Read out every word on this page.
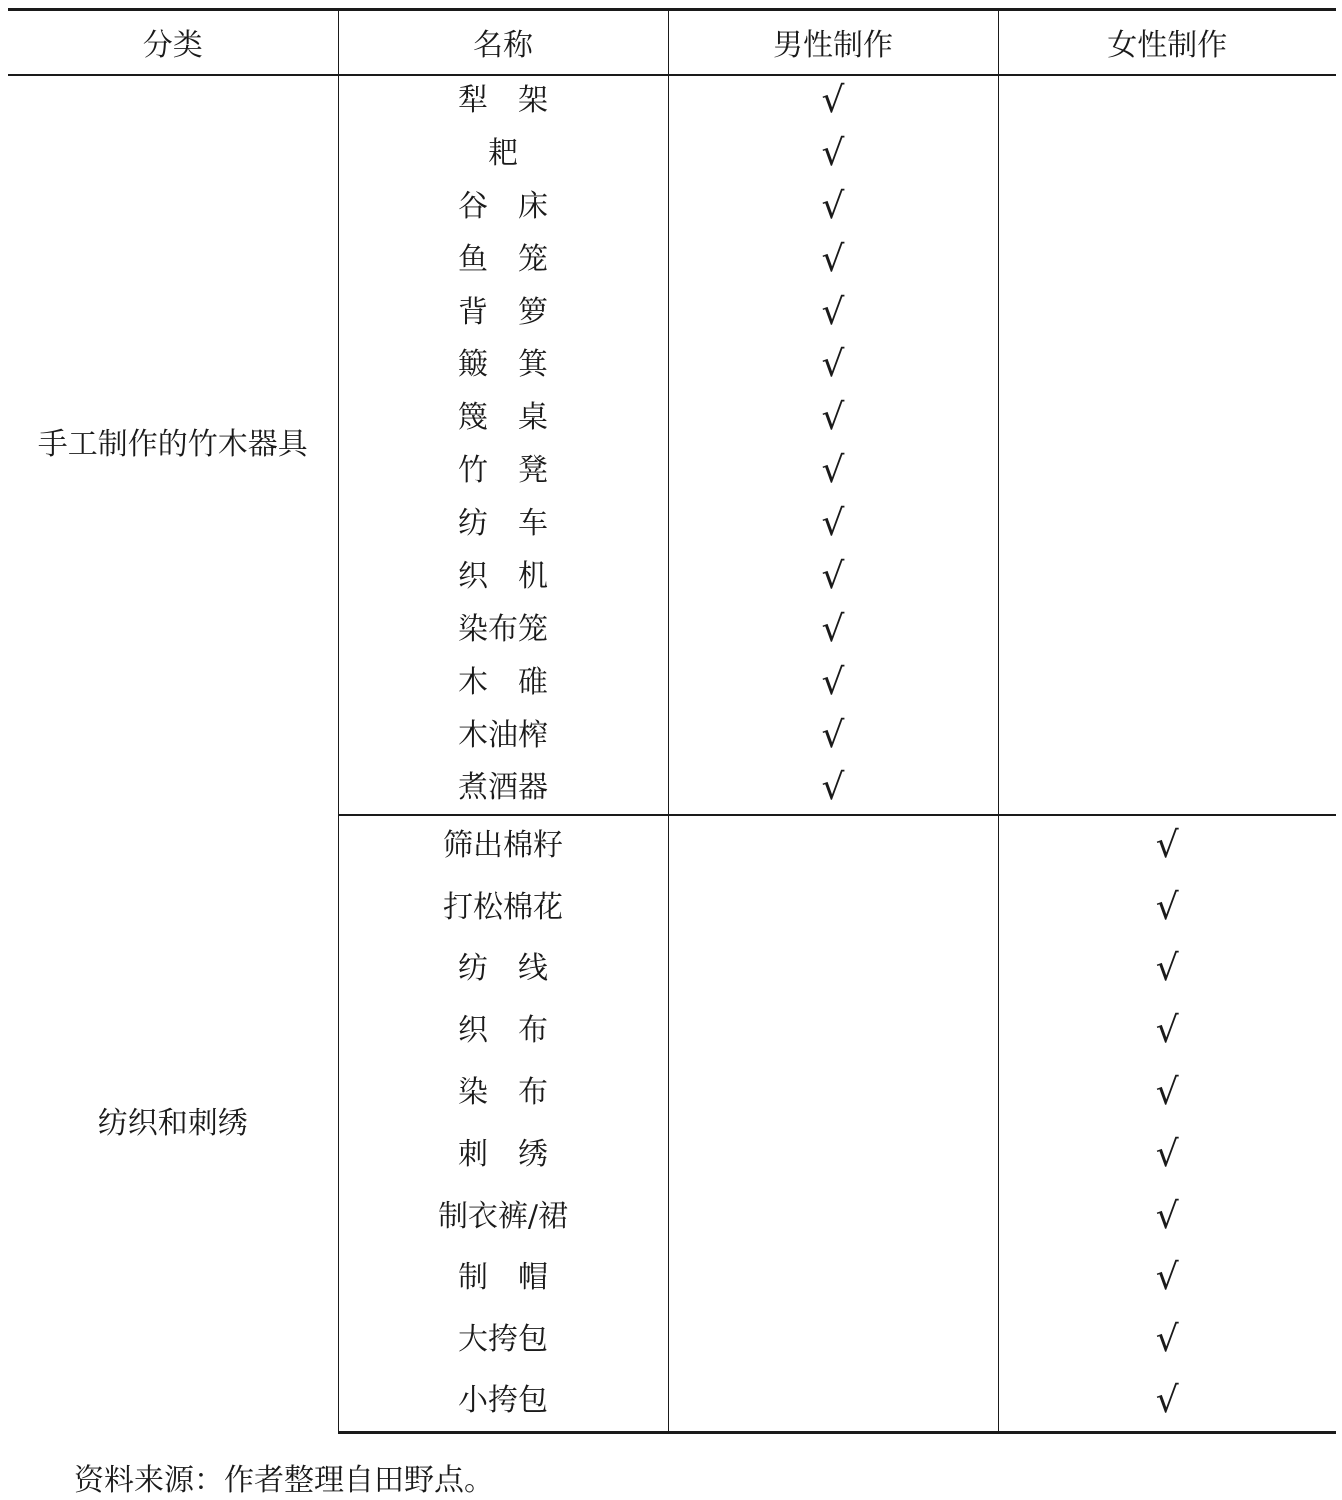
分类	名称	男性制作	女性制作
手工制作的竹木器具	犁　架	√	
	耙	√	
	谷　床	√	
	鱼　笼	√	
	背　箩	√	
	簸　箕	√	
	篾　桌	√	
	竹　凳	√	
	纺　车	√	
	织　机	√	
	染布笼	√	
	木　碓	√	
	木油榨	√	
	煮酒器	√	
纺织和刺绣	筛出棉籽		√
	打松棉花		√
	纺　线		√
	织　布		√
	染　布		√
	刺　绣		√
	制衣裤/裙		√
	制　帽		√
	大挎包		√
	小挎包		√
资料来源：作者整理自田野点。
